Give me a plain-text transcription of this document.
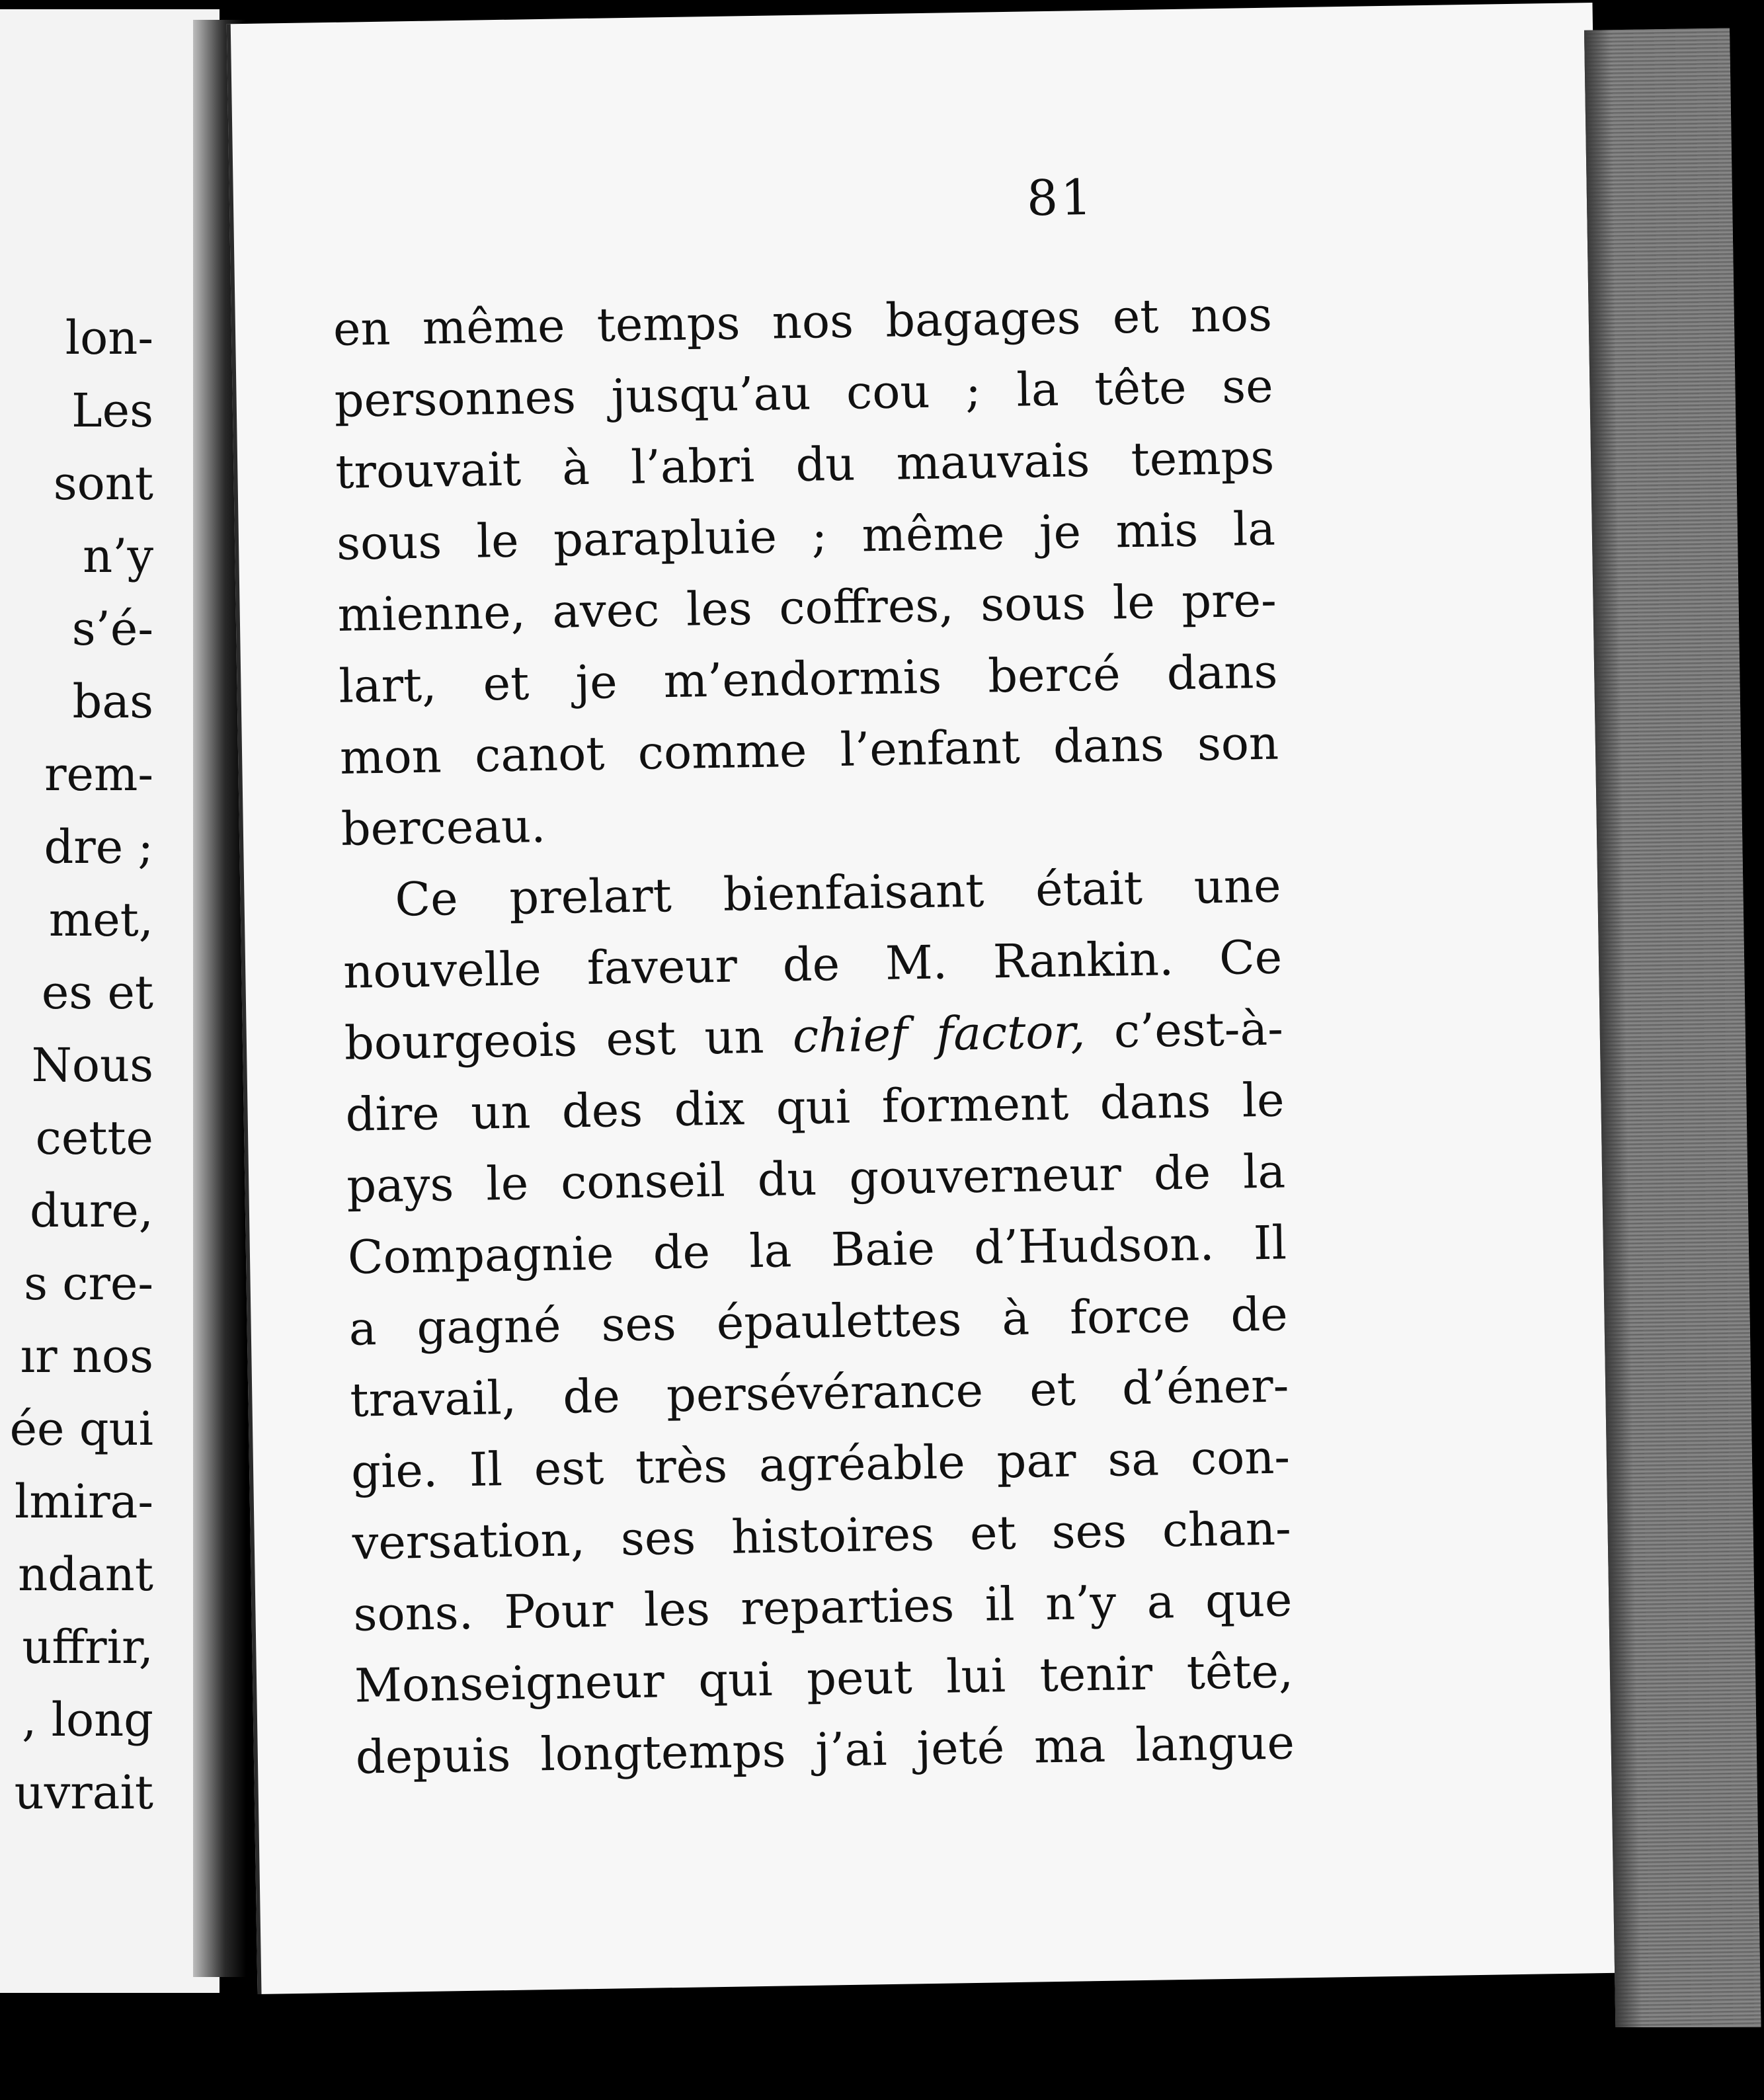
lon-
Les
sont
n’y
s’é-
bas
rem-
dre ;
met,
es et
Nous
cette
dure,
s cre-
ır nos
ée qui
lmira-
ndant
uffrir,
, long
uvrait
81
en même temps nos bagages et nos
personnes jusqu’au cou ; la tête se
trouvait à l’abri du mauvais temps
sous le parapluie ; même je mis la
mienne, avec les coffres, sous le pre-
lart, et je m’endormis bercé dans
mon canot comme l’enfant dans son
berceau.
Ce prelart bienfaisant était une
nouvelle faveur de M. Rankin. Ce
bourgeois est un chief factor, c’est-à-
dire un des dix qui forment dans le
pays le conseil du gouverneur de la
Compagnie de la Baie d’Hudson. Il
a gagné ses épaulettes à force de
travail, de persévérance et d’éner-
gie. Il est très agréable par sa con-
versation, ses histoires et ses chan-
sons. Pour les reparties il n’y a que
Monseigneur qui peut lui tenir tête,
depuis longtemps j’ai jeté ma langue
